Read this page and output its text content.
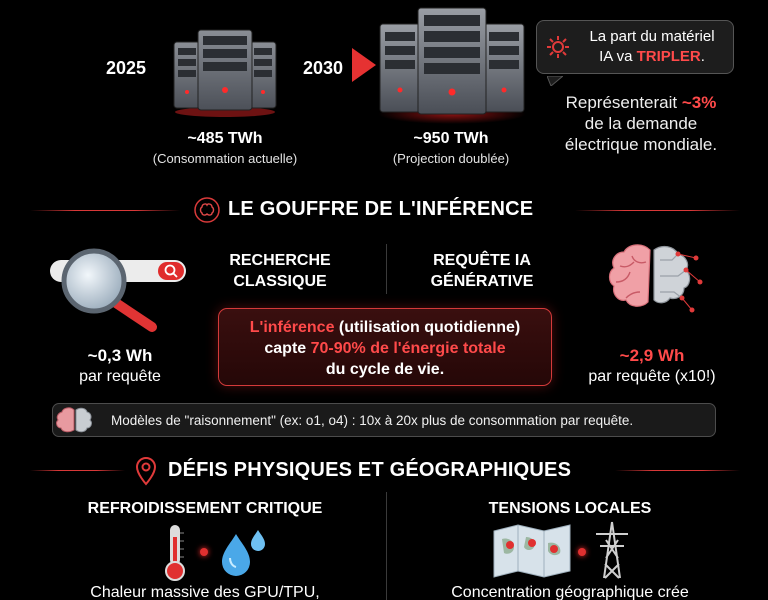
2025	2030
~485 TWh
(Consommation actuelle)
~950 TWh
(Projection doublée)
La part du matériel
IA va TRIPLER.
Représenterait ~3%
de la demande
électrique mondiale.
LE GOUFFRE DE L'INFÉRENCE
~0,3 Wh
par requête
RECHERCHE
CLASSIQUE
REQUÊTE IA
GÉNÉRATIVE
~2,9 Wh
par requête (x10!)
L'inférence (utilisation quotidienne)
capte 70-90% de l'énergie totale
du cycle de vie.
Modèles de "raisonnement" (ex: o1, o4) : 10x à 20x plus de consommation par requête.
DÉFIS PHYSIQUES ET GÉOGRAPHIQUES
REFROIDISSEMENT CRITIQUE	TENSIONS LOCALES
Chaleur massive des GPU/TPU,	Concentration géographique crée
